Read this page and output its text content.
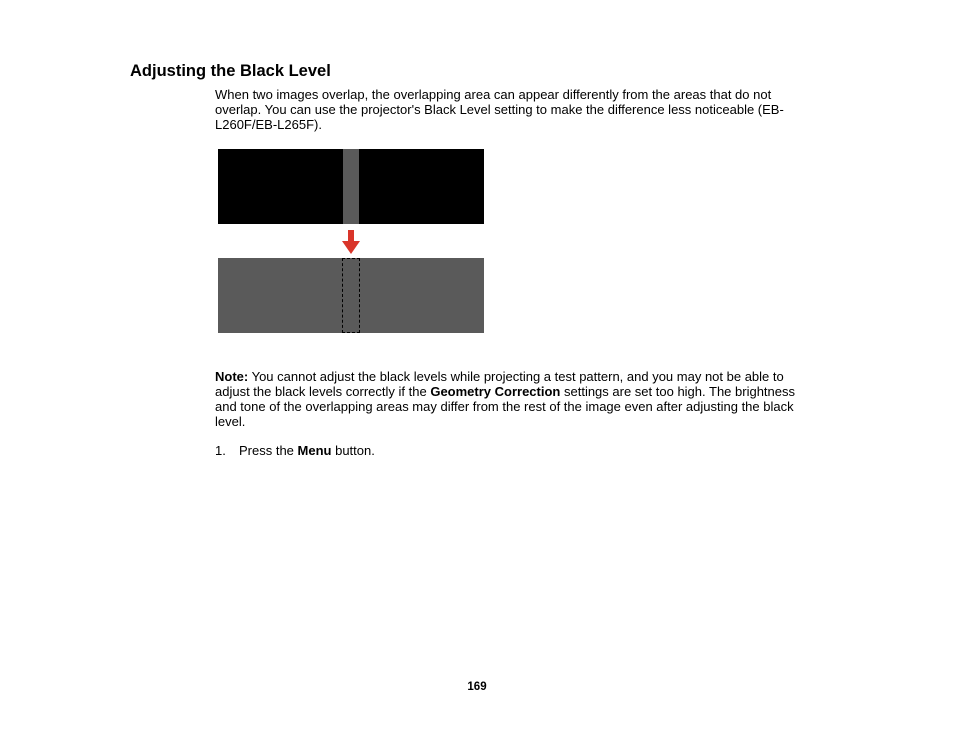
Adjusting the Black Level

When two images overlap, the overlapping area can appear differently from the areas that do not overlap. You can use the projector's Black Level setting to make the difference less noticeable (EB-L260F/EB-L265F).

Note: You cannot adjust the black levels while projecting a test pattern, and you may not be able to adjust the black levels correctly if the Geometry Correction settings are set too high. The brightness and tone of the overlapping areas may differ from the rest of the image even after adjusting the black level.

1. Press the Menu button.

169
